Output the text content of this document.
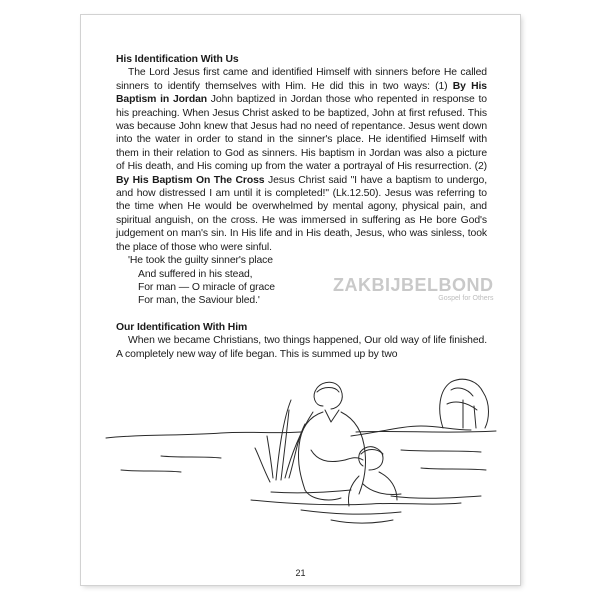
His Identification With Us

The Lord Jesus first came and identified Himself with sinners before He called sinners to identify themselves with Him. He did this in two ways: (1) By His Baptism in Jordan John baptized in Jordan those who repented in response to his preaching. When Jesus Christ asked to be baptized, John at first refused. This was because John knew that Jesus had no need of repentance. Jesus went down into the water in order to stand in the sinner's place. He identified Himself with them in their relation to God as sinners. His baptism in Jordan was also a picture of His death, and His coming up from the water a portrayal of His resurrection. (2) By His Baptism On The Cross Jesus Christ said "I have a baptism to undergo, and how distressed I am until it is completed!" (Lk.12.50). Jesus was referring to the time when He would be overwhelmed by mental agony, physical pain, and spiritual anguish, on the cross. He was immersed in suffering as He bore God's judgement on man's sin. In His life and in His death, Jesus, who was sinless, took the place of those who were sinful.

'He took the guilty sinner's place
And suffered in his stead,
For man — O miracle of grace
For man, the Saviour bled.'

Our Identification With Him

When we became Christians, two things happened, Our old way of life finished. A completely new way of life began. This is summed up by two

ZAKBIJBELBOND
Gospel for Others
21
